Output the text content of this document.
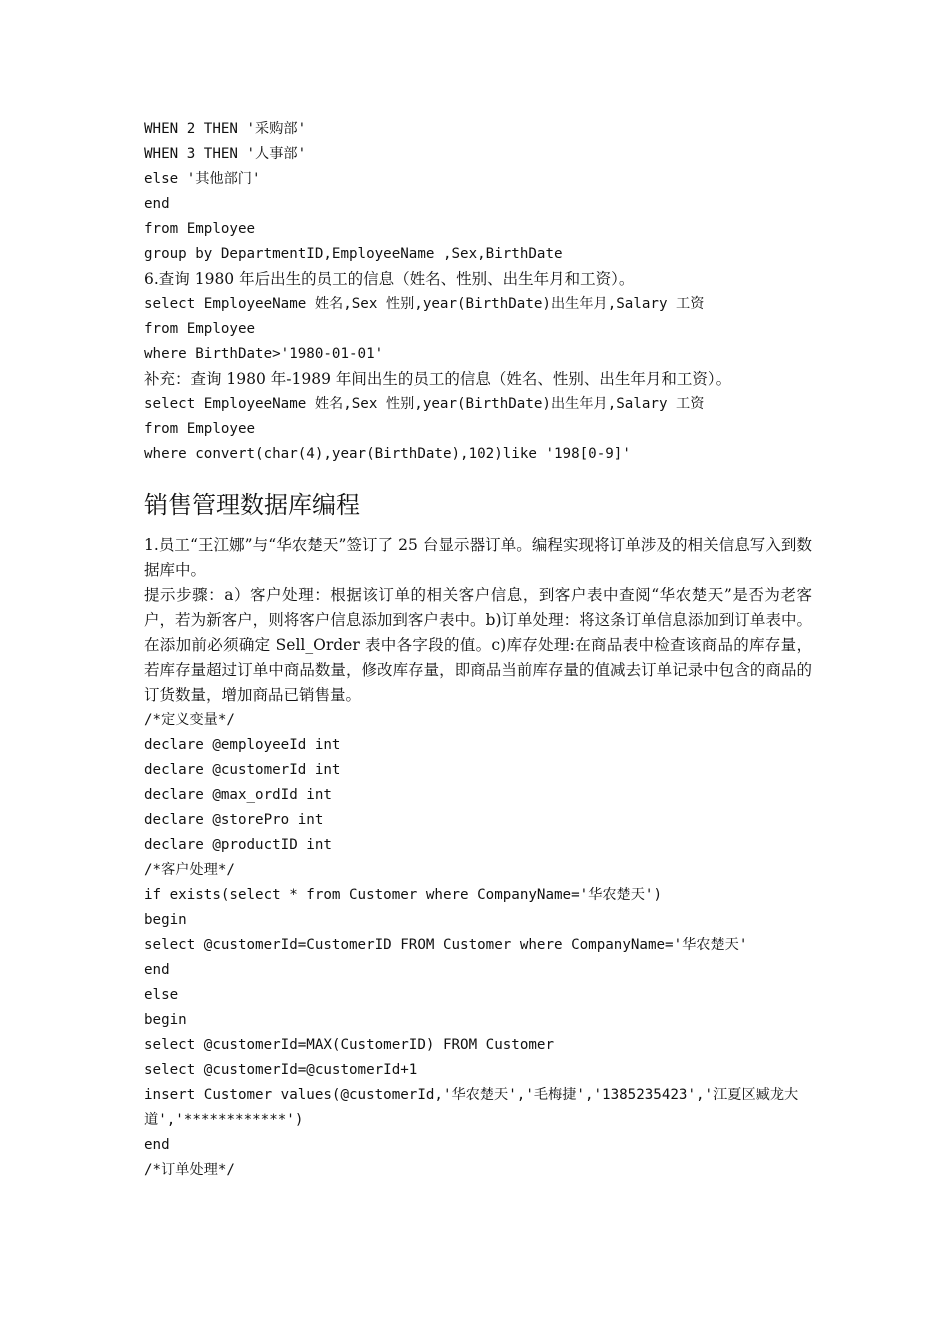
WHEN 2 THEN '采购部'
WHEN 3 THEN '人事部'
else '其他部门'
end
from Employee
group by DepartmentID,EmployeeName ,Sex,BirthDate

6.查询 1980 年后出生的员工的信息（姓名、性别、出生年月和工资）。

select EmployeeName 姓名,Sex 性别,year(BirthDate)出生年月,Salary 工资
from Employee
where BirthDate>'1980-01-01'

补充：查询 1980 年-1989 年间出生的员工的信息（姓名、性别、出生年月和工资）。

select EmployeeName 姓名,Sex 性别,year(BirthDate)出生年月,Salary 工资
from Employee
where convert(char(4),year(BirthDate),102)like '198[0-9]'
销售管理数据库编程

1.员工“王江娜”与“华农楚天”签订了 25 台显示器订单。编程实现将订单涉及的相关信息写入到数据库中。

提示步骤：a）客户处理：根据该订单的相关客户信息，到客户表中查阅“华农楚天”是否为老客户，若为新客户，则将客户信息添加到客户表中。b)订单处理：将这条订单信息添加到订单表中。在添加前必须确定 Sell_Order 表中各字段的值。c)库存处理:在商品表中检查该商品的库存量，若库存量超过订单中商品数量，修改库存量，即商品当前库存量的值减去订单记录中包含的商品的订货数量，增加商品已销售量。

/*定义变量*/
declare @employeeId int
declare @customerId int
declare @max_ordId int
declare @storePro int
declare @productID int
/*客户处理*/
if exists(select * from Customer where CompanyName='华农楚天')
begin
select @customerId=CustomerID FROM Customer where CompanyName='华农楚天'
end
else
begin
select @customerId=MAX(CustomerID) FROM Customer
select @customerId=@customerId+1
insert Customer values(@customerId,'华农楚天','毛梅捷','1385235423','江夏区臧龙大道','************')
end
/*订单处理*/
